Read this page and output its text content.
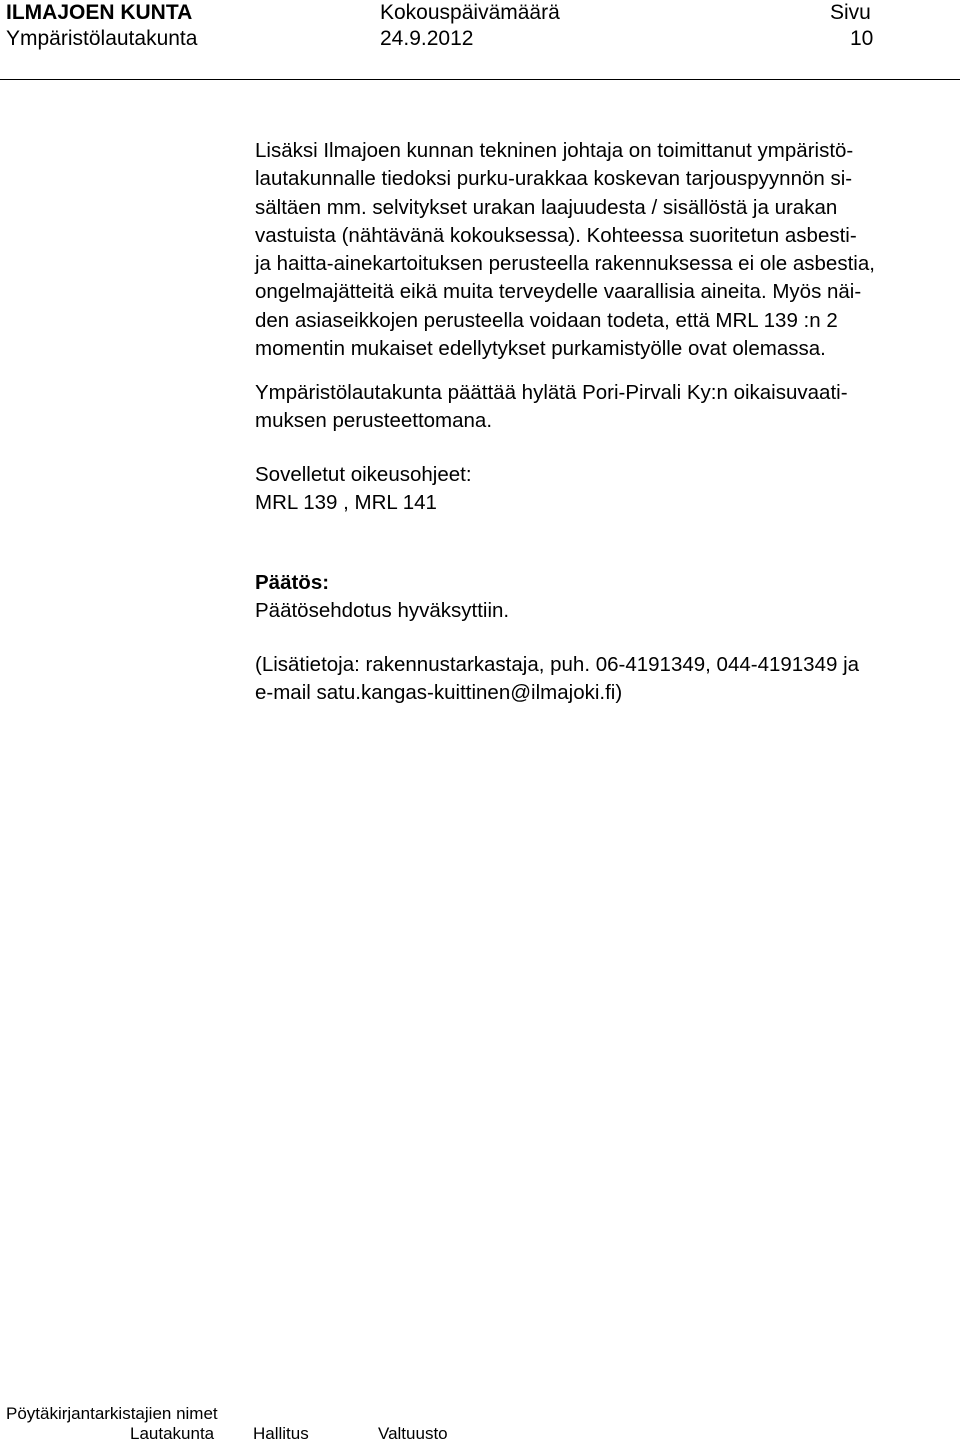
ILMAJOEN KUNTA
Ympäristölautakunta
Kokouspäivämäärä
24.9.2012
Sivu
10
Lisäksi Ilmajoen kunnan tekninen johtaja on toimittanut ympäristö-
lautakunnalle tiedoksi purku-urakkaa koskevan tarjouspyynnön si-
sältäen mm. selvitykset urakan laajuudesta / sisällöstä ja urakan
vastuista (nähtävänä kokouksessa). Kohteessa suoritetun asbesti-
ja haitta-ainekartoituksen perusteella rakennuksessa ei ole asbestia,
ongelmajätteitä eikä muita terveydelle vaarallisia aineita. Myös näi-
den asiaseikkojen perusteella voidaan todeta, että MRL 139 :n 2
momentin mukaiset edellytykset purkamistyölle ovat olemassa.
Ympäristölautakunta päättää hylätä Pori-Pirvali Ky:n oikaisuvaati-
muksen perusteettomana.
Sovelletut oikeusohjeet:
MRL 139 , MRL 141
Päätös:
Päätösehdotus hyväksyttiin.
(Lisätietoja: rakennustarkastaja, puh. 06-4191349, 044-4191349 ja
e-mail satu.kangas-kuittinen@ilmajoki.fi)
Pöytäkirjantarkistajien nimet
Lautakunta Hallitus	Valtuusto
